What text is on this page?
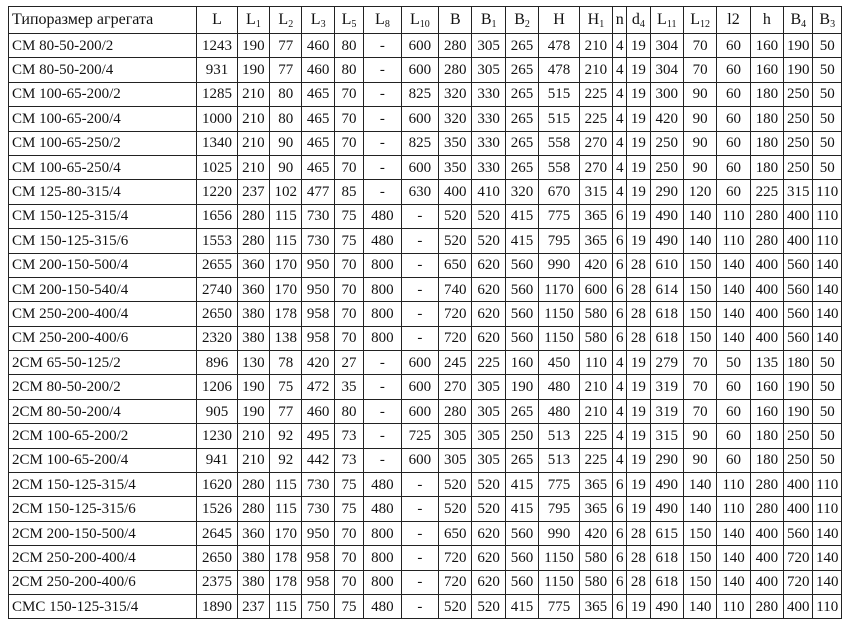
Типоразмер агрегата	L	$L_1$	$L_2$	$L_3$	$L_5$	$L_8$	$L_{10}$	B	$B_1$	$B_2$	H	$H_1$	n	$d_4$	$L_{11}$	$L_{12}$	l2	h	$B_4$	$B_3$
СМ 80-50-200/2	1243	190	77	460	80	-	600	280	305	265	478	210	4	19	304	70	60	160	190	50
СМ 80-50-200/4	931	190	77	460	80	-	600	280	305	265	478	210	4	19	304	70	60	160	190	50
СМ 100-65-200/2	1285	210	80	465	70	-	825	320	330	265	515	225	4	19	300	90	60	180	250	50
СМ 100-65-200/4	1000	210	80	465	70	-	600	320	330	265	515	225	4	19	420	90	60	180	250	50
СМ 100-65-250/2	1340	210	90	465	70	-	825	350	330	265	558	270	4	19	250	90	60	180	250	50
СМ 100-65-250/4	1025	210	90	465	70	-	600	350	330	265	558	270	4	19	250	90	60	180	250	50
СМ 125-80-315/4	1220	237	102	477	85	-	630	400	410	320	670	315	4	19	290	120	60	225	315	110
СМ 150-125-315/4	1656	280	115	730	75	480	-	520	520	415	775	365	6	19	490	140	110	280	400	110
СМ 150-125-315/6	1553	280	115	730	75	480	-	520	520	415	795	365	6	19	490	140	110	280	400	110
СМ 200-150-500/4	2655	360	170	950	70	800	-	650	620	560	990	420	6	28	610	150	140	400	560	140
СМ 200-150-540/4	2740	360	170	950	70	800	-	740	620	560	1170	600	6	28	614	150	140	400	560	140
СМ 250-200-400/4	2650	380	178	958	70	800	-	720	620	560	1150	580	6	28	618	150	140	400	560	140
СМ 250-200-400/6	2320	380	138	958	70	800	-	720	620	560	1150	580	6	28	618	150	140	400	560	140
2СМ 65-50-125/2	896	130	78	420	27	-	600	245	225	160	450	110	4	19	279	70	50	135	180	50
2СМ 80-50-200/2	1206	190	75	472	35	-	600	270	305	190	480	210	4	19	319	70	60	160	190	50
2СМ 80-50-200/4	905	190	77	460	80	-	600	280	305	265	480	210	4	19	319	70	60	160	190	50
2СМ 100-65-200/2	1230	210	92	495	73	-	725	305	305	250	513	225	4	19	315	90	60	180	250	50
2СМ 100-65-200/4	941	210	92	442	73	-	600	305	305	265	513	225	4	19	290	90	60	180	250	50
2СМ 150-125-315/4	1620	280	115	730	75	480	-	520	520	415	775	365	6	19	490	140	110	280	400	110
2СМ 150-125-315/6	1526	280	115	730	75	480	-	520	520	415	795	365	6	19	490	140	110	280	400	110
2СМ 200-150-500/4	2645	360	170	950	70	800	-	650	620	560	990	420	6	28	615	150	140	400	560	140
2СМ 250-200-400/4	2650	380	178	958	70	800	-	720	620	560	1150	580	6	28	618	150	140	400	720	140
2СМ 250-200-400/6	2375	380	178	958	70	800	-	720	620	560	1150	580	6	28	618	150	140	400	720	140
СМС 150-125-315/4	1890	237	115	750	75	480	-	520	520	415	775	365	6	19	490	140	110	280	400	110
